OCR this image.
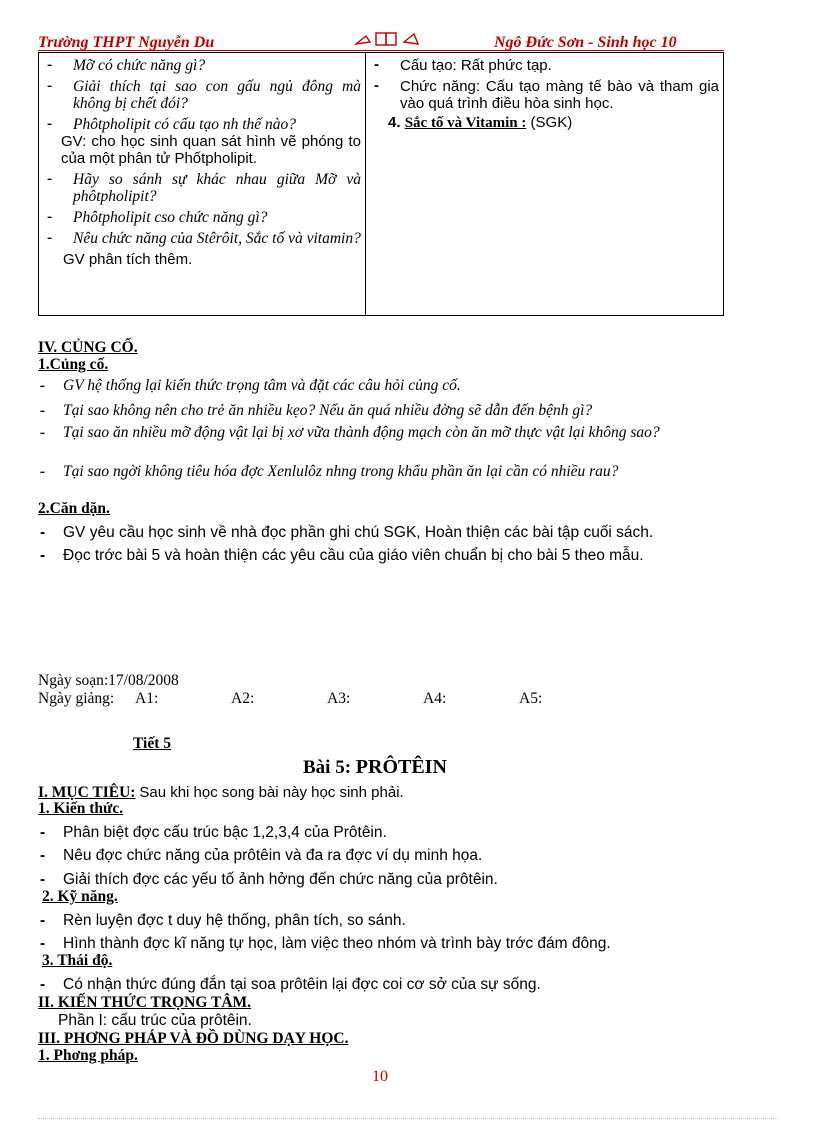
Trường THPT Nguyễn Du	Ngô Đức Sơn - Sinh học 10
- Mỡ có chức năng gì?
- Giải thích tại sao con gấu ngủ đông mà không bị chết đói?
- Phôtpholipit có cấu tạo nh thế nào?
GV: cho học sinh quan sát hình vẽ phóng to của một phân tử Phốtpholipit.
- Hãy so sánh sự khác nhau giữa Mỡ và phôtpholipit?
- Phôtpholipit cso chức năng gì?
- Nêu chức năng của Stêrôit, Sắc tố và vitamin?
GV phân tích thêm.

- Cấu tạo: Rất phức tạp.
- Chức năng: Cấu tạo màng tế bào và tham gia vào quá trình điều hòa sinh học.
4. Sắc tố và Vitamin : (SGK)
IV. CỦNG CỐ.
1.Củng cố.
- GV hệ thống lại kiến thức trọng tâm và đặt các câu hỏi củng cố.
- Tại sao không nên cho trẻ ăn nhiều kẹo? Nếu ăn quá nhiều đờng sẽ dẫn đến bệnh gì?
- Tại sao ăn nhiều mỡ động vật lại bị xơ vữa thành động mạch còn ăn mỡ thực vật lại không sao?
- Tại sao ngời không tiêu hóa đợc Xenlulôz nhng trong khẩu phần ăn lại cần có nhiều rau?
2.Căn dặn.
- GV yêu cầu học sinh về nhà đọc phần ghi chú SGK, Hoàn thiện các bài tập cuối sách.
- Đọc trớc bài 5 và hoàn thiện các yêu cầu của giáo viên chuẩn bị cho bài 5 theo mẫu.
Ngày soạn:17/08/2008
Ngày giảng: A1:	A2:	A3:	A4:	A5:
Tiết 5
Bài 5: PRÔTÊIN
I. MỤC TIÊU: Sau khi học song bài này học sinh phải.
1. Kiến thức.
- Phân biệt đợc cấu trúc bậc 1,2,3,4 của Prôtêin.
- Nêu đợc chức năng của prôtêin và đa ra đợc ví dụ minh họa.
- Giải thích đợc các yếu tố ảnh hởng đến chức năng của prôtêin.
2. Kỹ năng.
- Rèn luyện đợc t duy hệ thống, phân tích, so sánh.
- Hình thành đợc kĩ năng tự học, làm việc theo nhóm và trình bày trớc đám đông.
3. Thái độ.
- Có nhận thức đúng đắn tại soa prôtêin lại đợc coi cơ sở của sự sống.
II. KIẾN THỨC TRỌNG TÂM.
Phần I: cấu trúc của prôtêin.
III. PHƠNG PHÁP VÀ ĐỒ DÙNG DẠY HỌC.
1. Phơng pháp.
10
